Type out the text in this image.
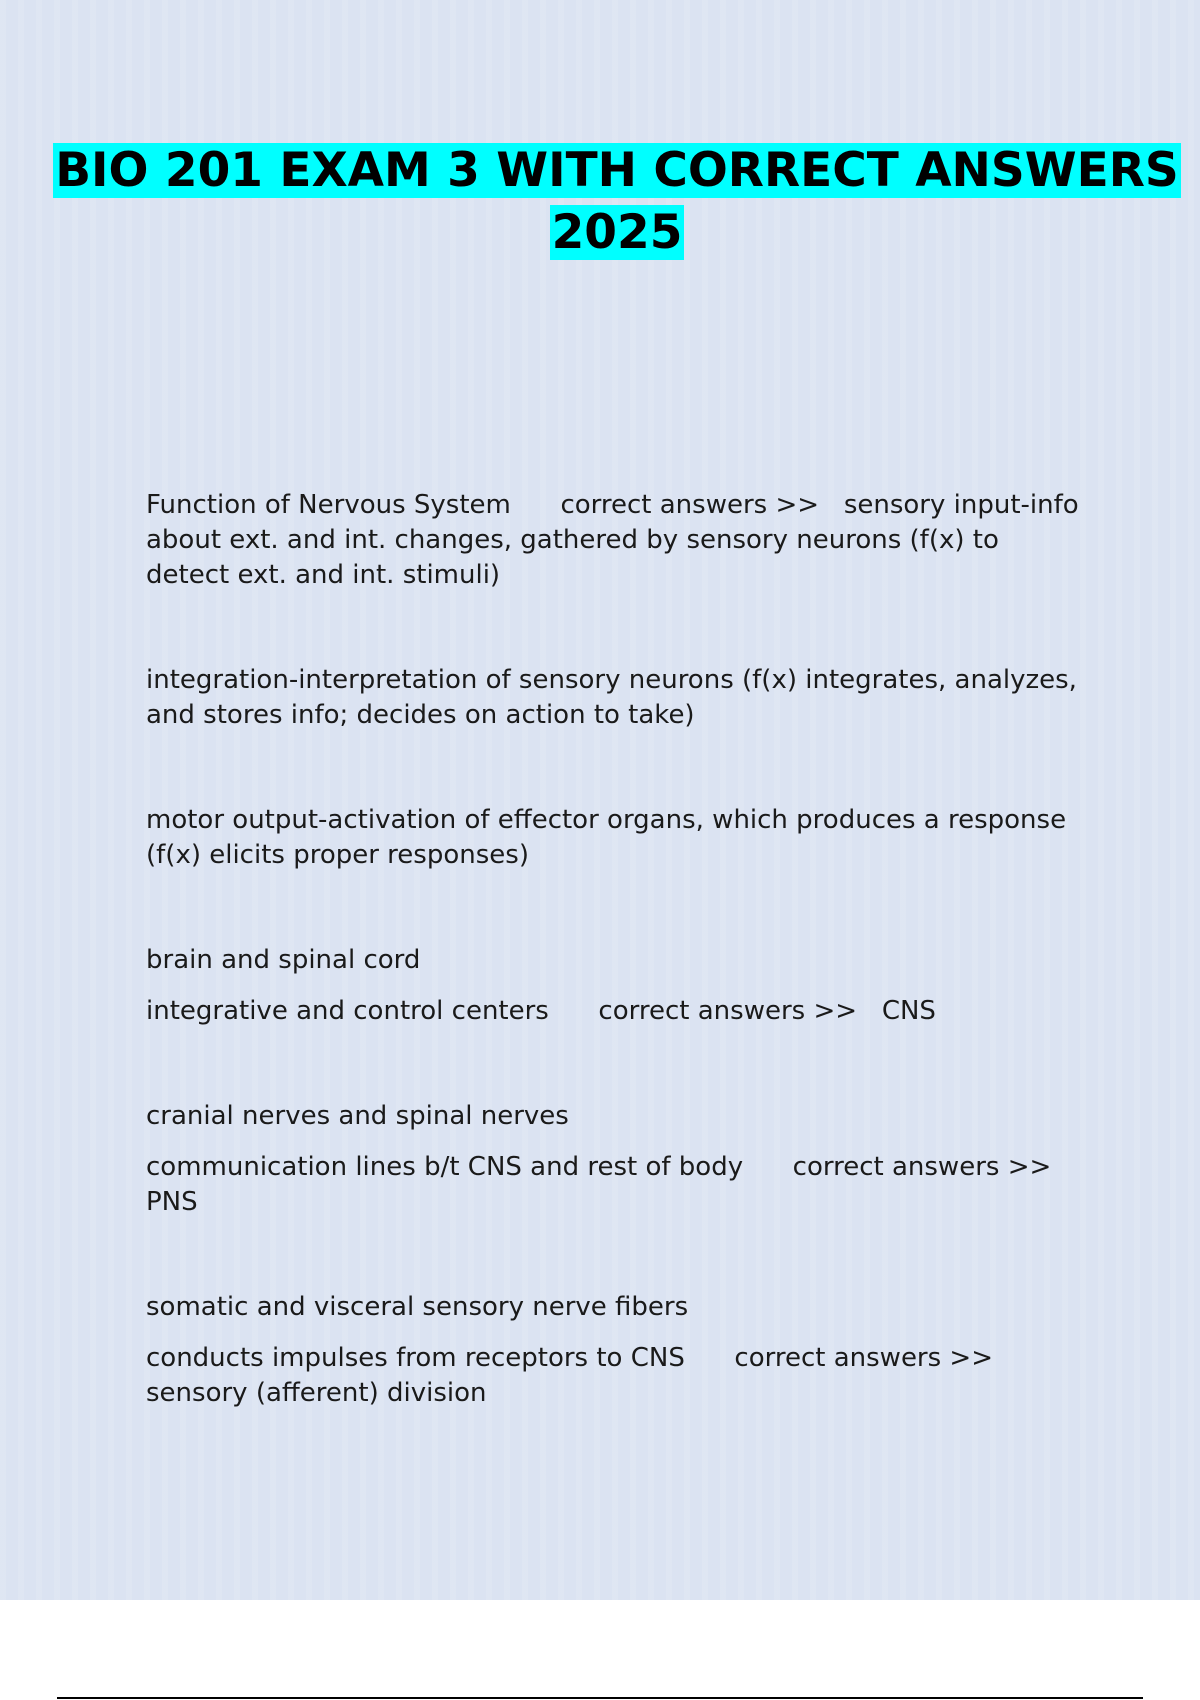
BIO 201 EXAM 3 WITH CORRECT ANSWERS 2025

Function of Nervous System      correct answers >>   sensory input-info about ext. and int. changes, gathered by sensory neurons (f(x) to detect ext. and int. stimuli)

integration-interpretation of sensory neurons (f(x) integrates, analyzes, and stores info; decides on action to take)

motor output-activation of effector organs, which produces a response (f(x) elicits proper responses)

brain and spinal cord

integrative and control centers      correct answers >>   CNS

cranial nerves and spinal nerves

communication lines b/t CNS and rest of body      correct answers >>   PNS

somatic and visceral sensory nerve fibers

conducts impulses from receptors to CNS      correct answers >>   sensory (afferent) division
